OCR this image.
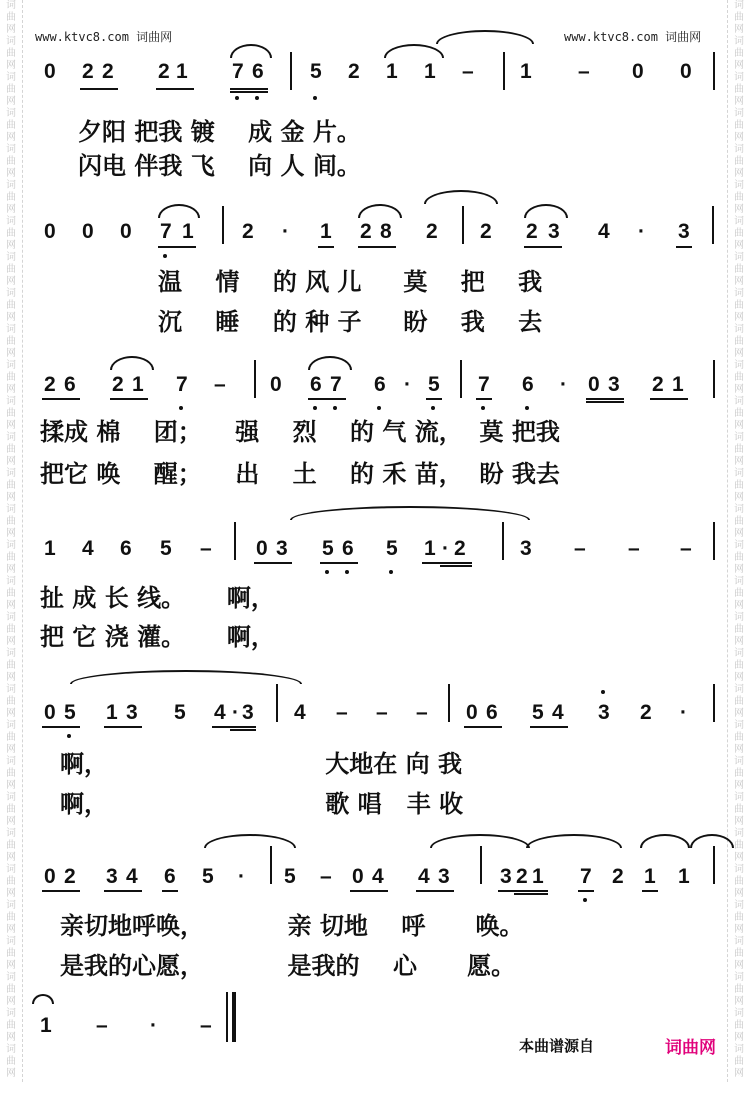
词
曲
网
词
曲
网
词
曲
网
词
曲
网
词
曲
网
词
曲
网
词
曲
网
词
曲
网
词
曲
网
词
曲
网
词
曲
网
词
曲
网
词
曲
网
词
曲
网
词
曲
网
词
曲
网
词
曲
网
词
曲
网
词
曲
网
词
曲
网
词
曲
网
词
曲
网
词
曲
网
词
曲
网
词
曲
网
词
曲
网
词
曲
网
词
曲
网
词
曲
网
词
曲
网
词
曲
网
词
曲
网
词
曲
网
词
曲
网
词
曲
网
词
曲
网
词
曲
网
词
曲
网
词
曲
网
词
曲
网
词
曲
网
词
曲
网
词
曲
网
词
曲
网
词
曲
网
词
曲
网
词
曲
网
词
曲
网
词
曲
网
词
曲
网
词
曲
网
词
曲
网
词
曲
网
词
曲
网
词
曲
网
词
曲
网
词
曲
网
词
曲
网
词
曲
网
词
曲
网
www.ktvc8.com 词曲网	www.ktvc8.com 词曲网

0

2 2

2 1

7 6

5 2

1 1

–

1 –

0 0

夕阳 把我 镀    成 金 片。
闪电 伴我 飞    向 人 间。

0 0 0

7 1

2 · 1

2 8

2

2

2 3

4 · 3

温    情    的 风 儿     莫    把    我
沉    睡    的 种 子     盼    我    去

2 6

2 1

7 –

0

6 7

6 · 5

7 6 ·

0 3

2 1

揉成 棉    团；    强    烈    的 气 流，  莫 把我
把它 唤    醒；    出    土    的 禾 苗，  盼 我去

1 4 6

5 –

0 3

5 6

5

1 · 2

	3 – – –

扯 成 长 线。     啊，
把 它 浇 灌。     啊，

0 5

1 3

5

4 · 3

4 – – –

0 6

5 4

3 2 ·

啊，                          大地在 向 我
啊，                          歌 唱   丰 收

0 2

3 4

6 5 ·

5 –

0 4

4 3

3 2 1

7 2

1 1

亲切地呼唤，          亲 切地    呼      唤。
是我的心愿，          是我的    心      愿。

1 –

· –

本曲谱源自	词曲网
